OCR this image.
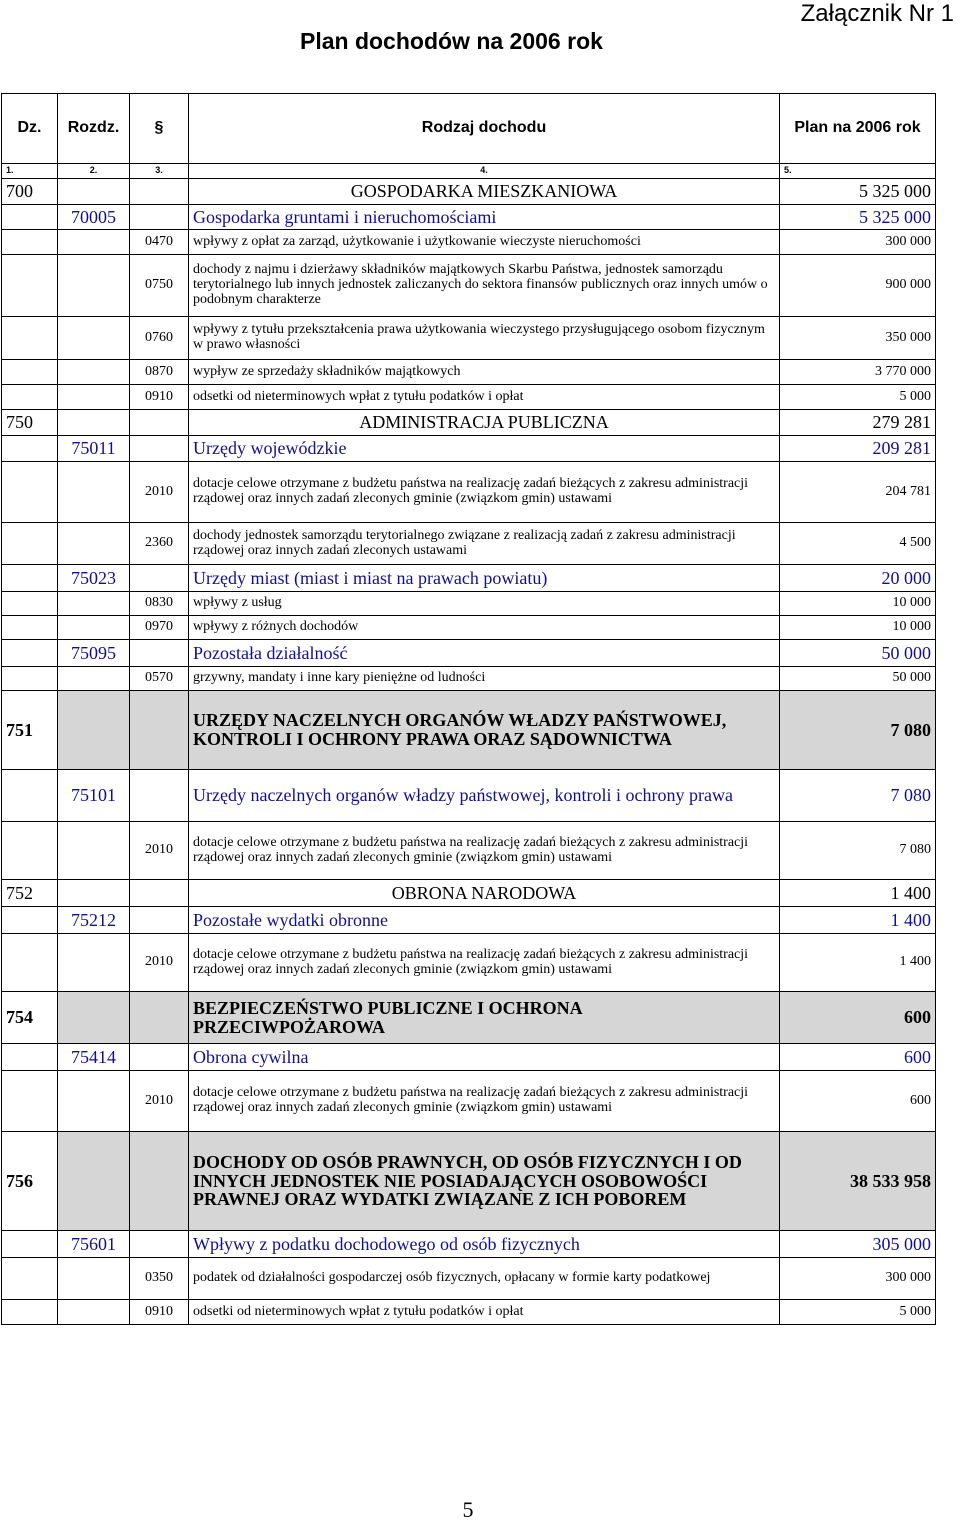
Załącznik Nr 1
Plan dochodów na 2006 rok
Dz.	Rozdz.	§	Rodzaj dochodu	Plan na 2006 rok
1.	2.	3.	4.	5.
700			GOSPODARKA MIESZKANIOWA	5 325 000
	70005		Gospodarka gruntami i nieruchomościami	5 325 000
		0470	wpływy z opłat za zarząd, użytkowanie i użytkowanie wieczyste nieruchomości	300 000
		0750	dochody z najmu i dzierżawy składników majątkowych Skarbu Państwa, jednostek samorządu terytorialnego lub innych jednostek zaliczanych do sektora finansów publicznych oraz innych umów o podobnym charakterze	900 000
		0760	wpływy z tytułu przekształcenia prawa użytkowania wieczystego przysługującego osobom fizycznym w prawo własności	350 000
		0870	wypływ ze sprzedaży składników majątkowych	3 770 000
		0910	odsetki od nieterminowych wpłat z tytułu podatków i opłat	5 000
750			ADMINISTRACJA PUBLICZNA	279 281
	75011		Urzędy wojewódzkie	209 281
		2010	dotacje celowe otrzymane z budżetu państwa na realizację zadań bieżących z zakresu administracji rządowej oraz innych zadań zleconych gminie (związkom gmin) ustawami	204 781
		2360	dochody jednostek samorządu terytorialnego związane z realizacją zadań z zakresu administracji rządowej oraz innych zadań zleconych ustawami	4 500
	75023		Urzędy miast (miast i miast na prawach powiatu)	20 000
		0830	wpływy z usług	10 000
		0970	wpływy z różnych dochodów	10 000
	75095		Pozostała działalność	50 000
		0570	grzywny, mandaty i inne kary pieniężne od ludności	50 000
751			URZĘDY NACZELNYCH ORGANÓW WŁADZY PAŃSTWOWEJ, KONTROLI I OCHRONY PRAWA ORAZ SĄDOWNICTWA	7 080
	75101		Urzędy naczelnych organów władzy państwowej, kontroli i ochrony prawa	7 080
		2010	dotacje celowe otrzymane z budżetu państwa na realizację zadań bieżących z zakresu administracji rządowej oraz innych zadań zleconych gminie (związkom gmin) ustawami	7 080
752			OBRONA NARODOWA	1 400
	75212		Pozostałe wydatki obronne	1 400
		2010	dotacje celowe otrzymane z budżetu państwa na realizację zadań bieżących z zakresu administracji rządowej oraz innych zadań zleconych gminie (związkom gmin) ustawami	1 400
754			BEZPIECZEŃSTWO PUBLICZNE I OCHRONA PRZECIWPOŻAROWA	600
	75414		Obrona cywilna	600
		2010	dotacje celowe otrzymane z budżetu państwa na realizację zadań bieżących z zakresu administracji rządowej oraz innych zadań zleconych gminie (związkom gmin) ustawami	600
756			DOCHODY OD OSÓB PRAWNYCH, OD OSÓB FIZYCZNYCH I OD INNYCH JEDNOSTEK NIE POSIADAJĄCYCH OSOBOWOŚCI PRAWNEJ ORAZ WYDATKI ZWIĄZANE Z ICH POBOREM	38 533 958
	75601		Wpływy z podatku dochodowego od osób fizycznych	305 000
		0350	podatek od działalności gospodarczej osób fizycznych, opłacany w formie karty podatkowej	300 000
		0910	odsetki od nieterminowych wpłat z tytułu podatków i opłat	5 000
5
